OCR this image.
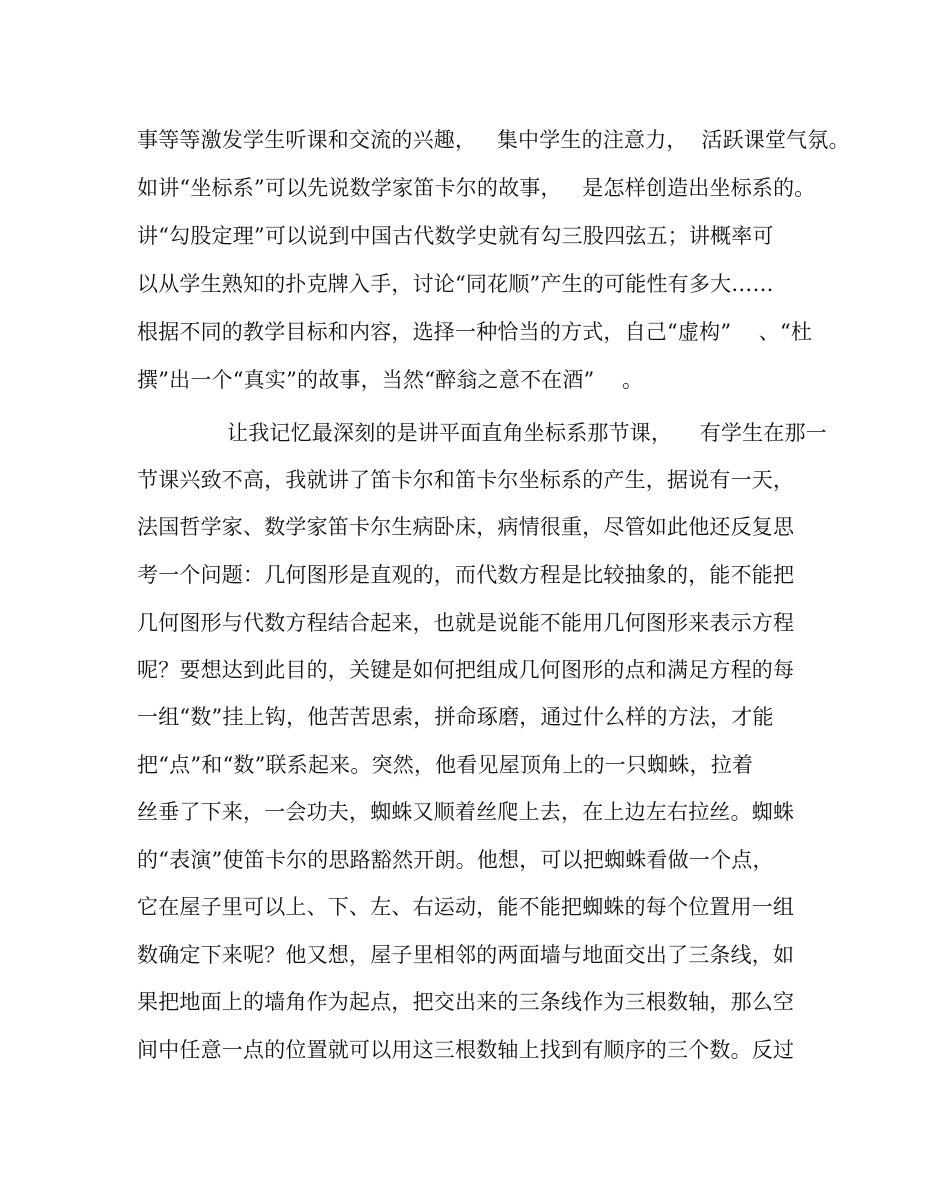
事等等激发学生听课和交流的兴趣，   集中学生的注意力，  活跃课堂气氛。
如讲“坐标系”可以先说数学家笛卡尔的故事，   是怎样创造出坐标系的。
讲“勾股定理”可以说到中国古代数学史就有勾三股四弦五；讲概率可
以从学生熟知的扑克牌入手，讨论“同花顺”产生的可能性有多大……
根据不同的教学目标和内容，选择一种恰当的方式，自己“虚构”    、“杜
撰”出一个“真实”的故事，当然“醉翁之意不在酒”    。
让我记忆最深刻的是讲平面直角坐标系那节课，    有学生在那一
节课兴致不高，我就讲了笛卡尔和笛卡尔坐标系的产生，据说有一天，
法国哲学家、数学家笛卡尔生病卧床，病情很重，尽管如此他还反复思
考一个问题：几何图形是直观的，而代数方程是比较抽象的，能不能把
几何图形与代数方程结合起来，也就是说能不能用几何图形来表示方程
呢？要想达到此目的，关键是如何把组成几何图形的点和满足方程的每
一组“数”挂上钩，他苦苦思索，拼命琢磨，通过什么样的方法，才能
把“点”和“数”联系起来。突然，他看见屋顶角上的一只蜘蛛，拉着
丝垂了下来，一会功夫，蜘蛛又顺着丝爬上去，在上边左右拉丝。蜘蛛
的“表演”使笛卡尔的思路豁然开朗。他想，可以把蜘蛛看做一个点，
它在屋子里可以上、下、左、右运动，能不能把蜘蛛的每个位置用一组
数确定下来呢？他又想，屋子里相邻的两面墙与地面交出了三条线，如
果把地面上的墙角作为起点，把交出来的三条线作为三根数轴，那么空
间中任意一点的位置就可以用这三根数轴上找到有顺序的三个数。反过
